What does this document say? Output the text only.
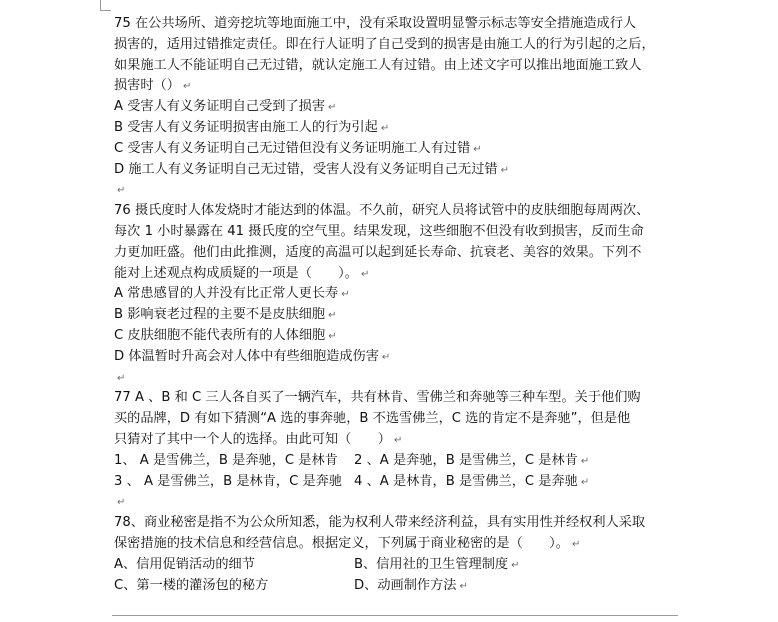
75 在公共场所、道旁挖坑等地面施工中，没有采取设置明显警示标志等安全措施造成行人
损害的，适用过错推定责任。即在行人证明了自己受到的损害是由施工人的行为引起的之后，
如果施工人不能证明自己无过错，就认定施工人有过错。由上述文字可以推出地面施工致人
损害时（） ↵
A 受害人有义务证明自己受到了损害 ↵
B 受害人有义务证明损害由施工人的行为引起 ↵
C 受害人有义务证明自己无过错但没有义务证明施工人有过错 ↵
D 施工人有义务证明自己无过错，受害人没有义务证明自己无过错 ↵
↵
76 摄氏度时人体发烧时才能达到的体温。不久前，研究人员将试管中的皮肤细胞每周两次、
每次 1 小时暴露在 41 摄氏度的空气里。结果发现，这些细胞不但没有收到损害，反而生命
力更加旺盛。他们由此推测，适度的高温可以起到延长寿命、抗衰老、美容的效果。下列不
能对上述观点构成质疑的一项是（　　）。 ↵
A 常患感冒的人并没有比正常人更长寿 ↵
B 影响衰老过程的主要不是皮肤细胞 ↵
C 皮肤细胞不能代表所有的人体细胞 ↵
D 体温暂时升高会对人体中有些细胞造成伤害 ↵
↵
77 A 、B 和 C 三人各自买了一辆汽车，共有林肯、雪佛兰和奔驰等三种车型。关于他们购
买的品牌，D 有如下猜测“A 选的事奔驰，B 不选雪佛兰，C 选的肯定不是奔驰”，但是他
只猜对了其中一个人的选择。由此可知（　　） ↵
1、 A 是雪佛兰，B 是奔驰，C 是林肯	2 、A 是奔驰，B 是雪佛兰，C 是林肯 ↵
3 、 A 是雪佛兰，B 是林肯，C 是奔驰 4 、A 是林肯，B 是雪佛兰，C 是奔驰 ↵
↵
78、商业秘密是指不为公众所知悉，能为权利人带来经济利益，具有实用性并经权利人采取
保密措施的技术信息和经营信息。根据定义，下列属于商业秘密的是（　　）。 ↵
A、信用促销活动的细节	B、信用社的卫生管理制度 ↵
C、第一楼的灌汤包的秘方	D、动画制作方法 ↵
